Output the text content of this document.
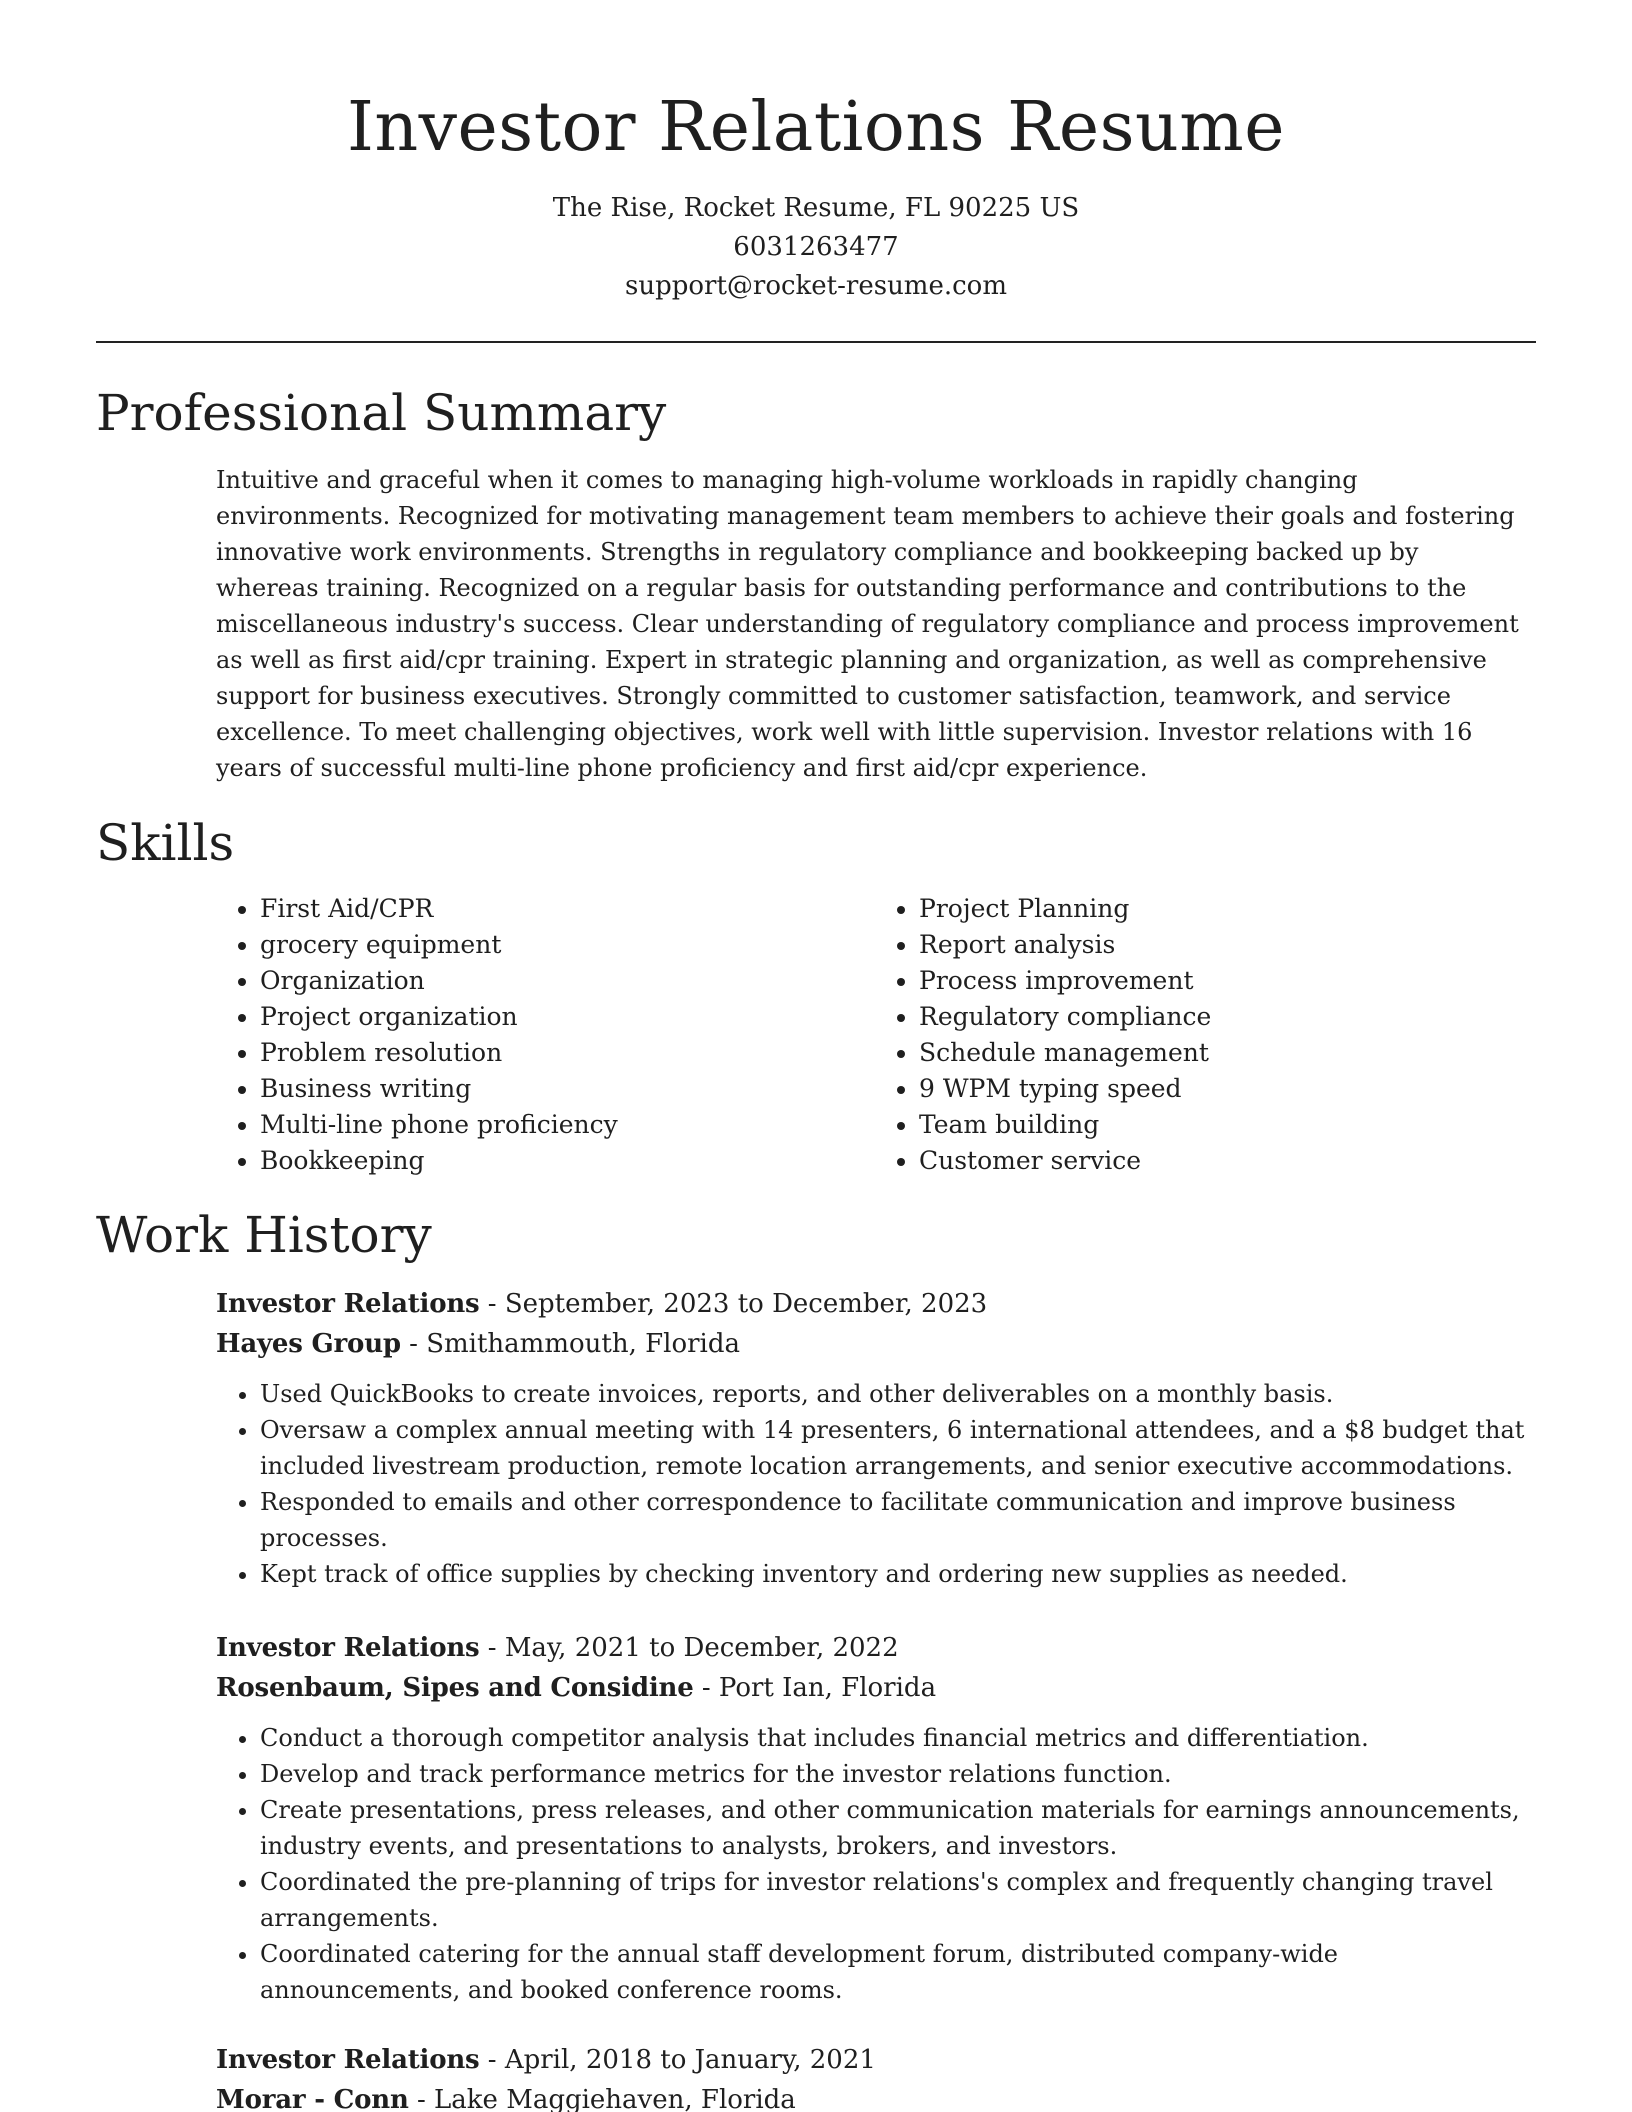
Investor Relations Resume
The Rise, Rocket Resume, FL 90225 US
6031263477
support@rocket-resume.com
Professional Summary

Intuitive and graceful when it comes to managing high-volume workloads in rapidly changing environments. Recognized for motivating management team members to achieve their goals and fostering innovative work environments. Strengths in regulatory compliance and bookkeeping backed up by whereas training. Recognized on a regular basis for outstanding performance and contributions to the miscellaneous industry's success. Clear understanding of regulatory compliance and process improvement as well as first aid/cpr training. Expert in strategic planning and organization, as well as comprehensive support for business executives. Strongly committed to customer satisfaction, teamwork, and service excellence. To meet challenging objectives, work well with little supervision. Investor relations with 16 years of successful multi-line phone proficiency and first aid/cpr experience.

Skills
• First Aid/CPR
• grocery equipment
• Organization
• Project organization
• Problem resolution
• Business writing
• Multi-line phone proficiency
• Bookkeeping
• Project Planning
• Report analysis
• Process improvement
• Regulatory compliance
• Schedule management
• 9 WPM typing speed
• Team building
• Customer service
Work History

Investor Relations - September, 2023 to December, 2023

Hayes Group - Smithammouth, Florida

• Used QuickBooks to create invoices, reports, and other deliverables on a monthly basis.
• Oversaw a complex annual meeting with 14 presenters, 6 international attendees, and a $8 budget that included livestream production, remote location arrangements, and senior executive accommodations.
• Responded to emails and other correspondence to facilitate communication and improve business processes.
• Kept track of office supplies by checking inventory and ordering new supplies as needed.

Investor Relations - May, 2021 to December, 2022

Rosenbaum, Sipes and Considine - Port Ian, Florida

• Conduct a thorough competitor analysis that includes financial metrics and differentiation.
• Develop and track performance metrics for the investor relations function.
• Create presentations, press releases, and other communication materials for earnings announcements, industry events, and presentations to analysts, brokers, and investors.
• Coordinated the pre-planning of trips for investor relations's complex and frequently changing travel arrangements.
• Coordinated catering for the annual staff development forum, distributed company-wide announcements, and booked conference rooms.

Investor Relations - April, 2018 to January, 2021

Morar - Conn - Lake Maggiehaven, Florida
